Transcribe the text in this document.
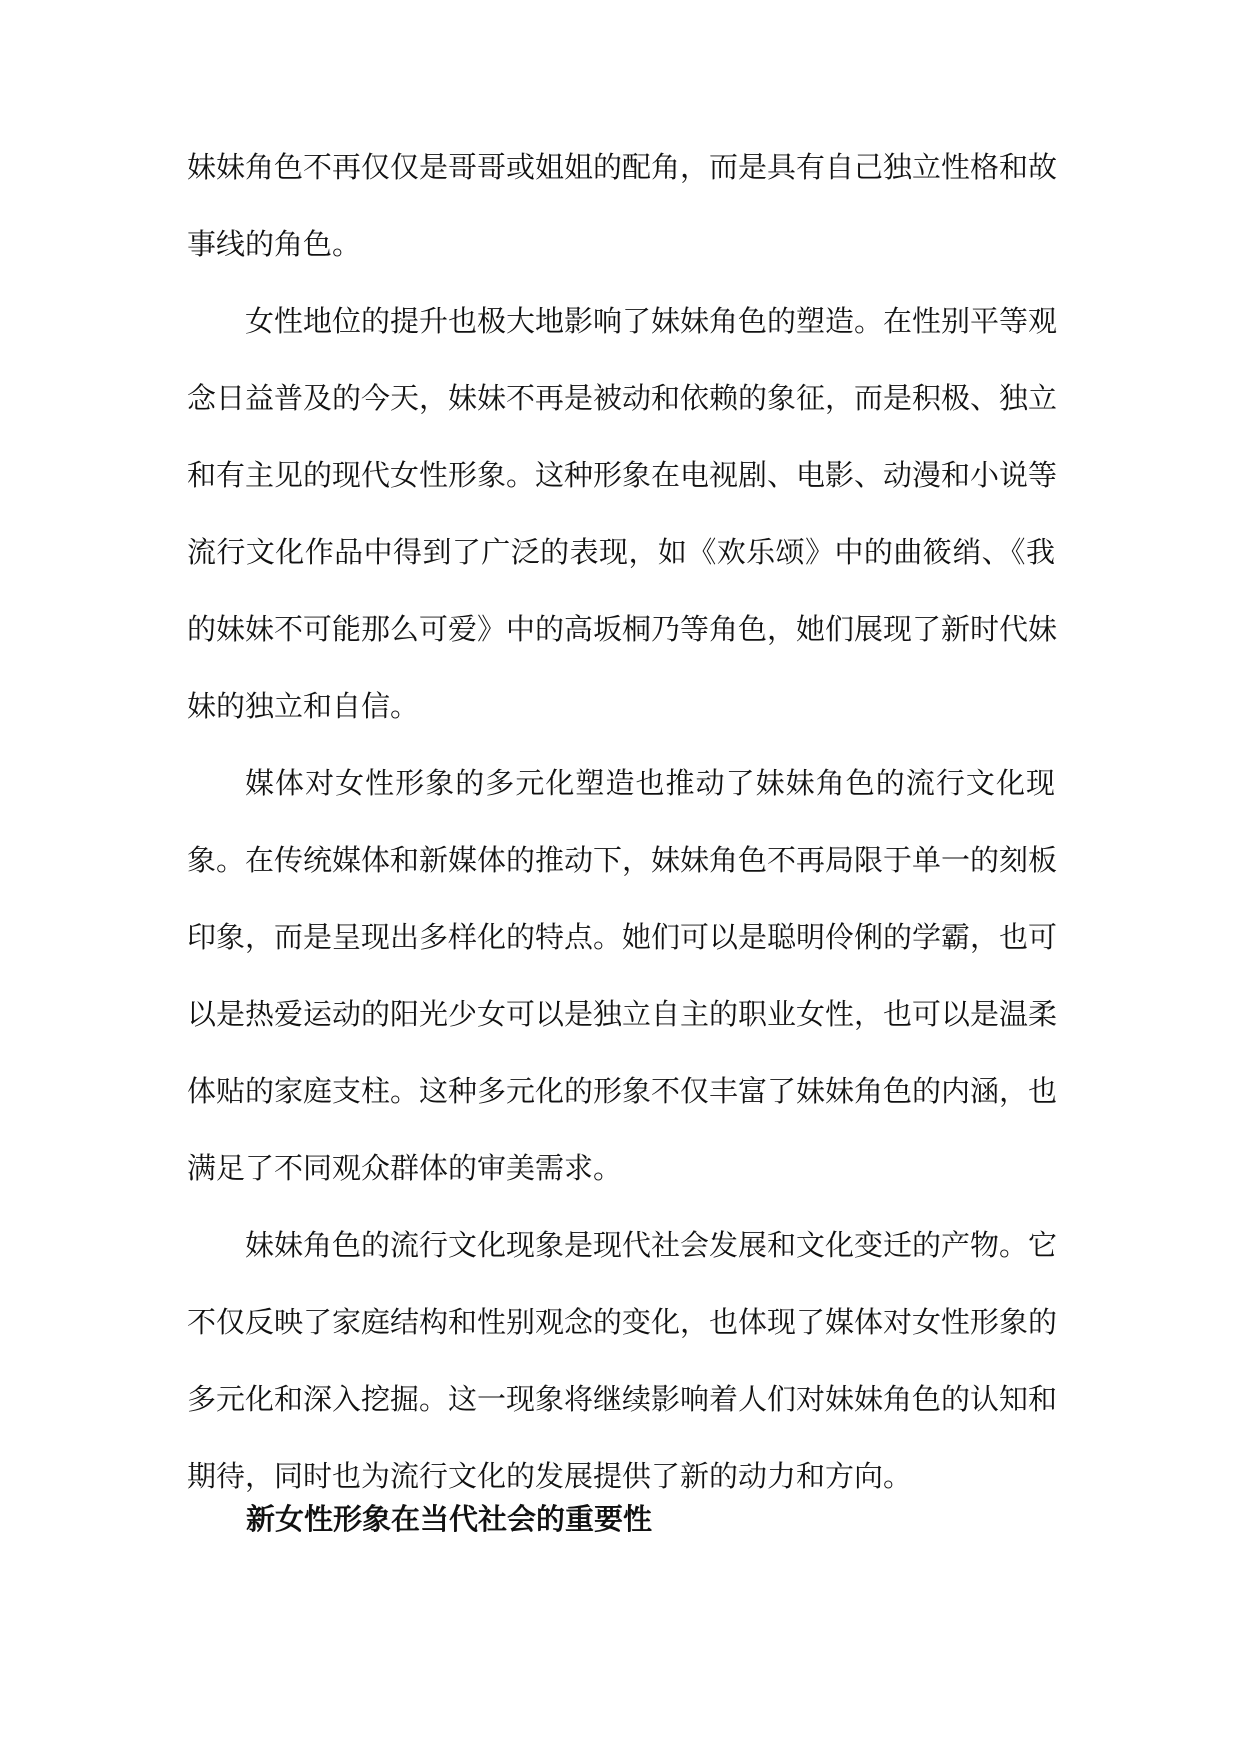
妹妹角色不再仅仅是哥哥或姐姐的配角，而是具有自己独立性格和故
事线的角色。
女性地位的提升也极大地影响了妹妹角色的塑造。在性别平等观
念日益普及的今天，妹妹不再是被动和依赖的象征，而是积极、独立
和有主见的现代女性形象。这种形象在电视剧、电影、动漫和小说等
流行文化作品中得到了广泛的表现，如《欢乐颂》中的曲筱绡、《我
的妹妹不可能那么可爱》中的高坂桐乃等角色，她们展现了新时代妹
妹的独立和自信。
媒体对女性形象的多元化塑造也推动了妹妹角色的流行文化现
象。在传统媒体和新媒体的推动下，妹妹角色不再局限于单一的刻板
印象，而是呈现出多样化的特点。她们可以是聪明伶俐的学霸，也可
以是热爱运动的阳光少女可以是独立自主的职业女性，也可以是温柔
体贴的家庭支柱。这种多元化的形象不仅丰富了妹妹角色的内涵，也
满足了不同观众群体的审美需求。
妹妹角色的流行文化现象是现代社会发展和文化变迁的产物。它
不仅反映了家庭结构和性别观念的变化，也体现了媒体对女性形象的
多元化和深入挖掘。这一现象将继续影响着人们对妹妹角色的认知和
期待，同时也为流行文化的发展提供了新的动力和方向。
新女性形象在当代社会的重要性
